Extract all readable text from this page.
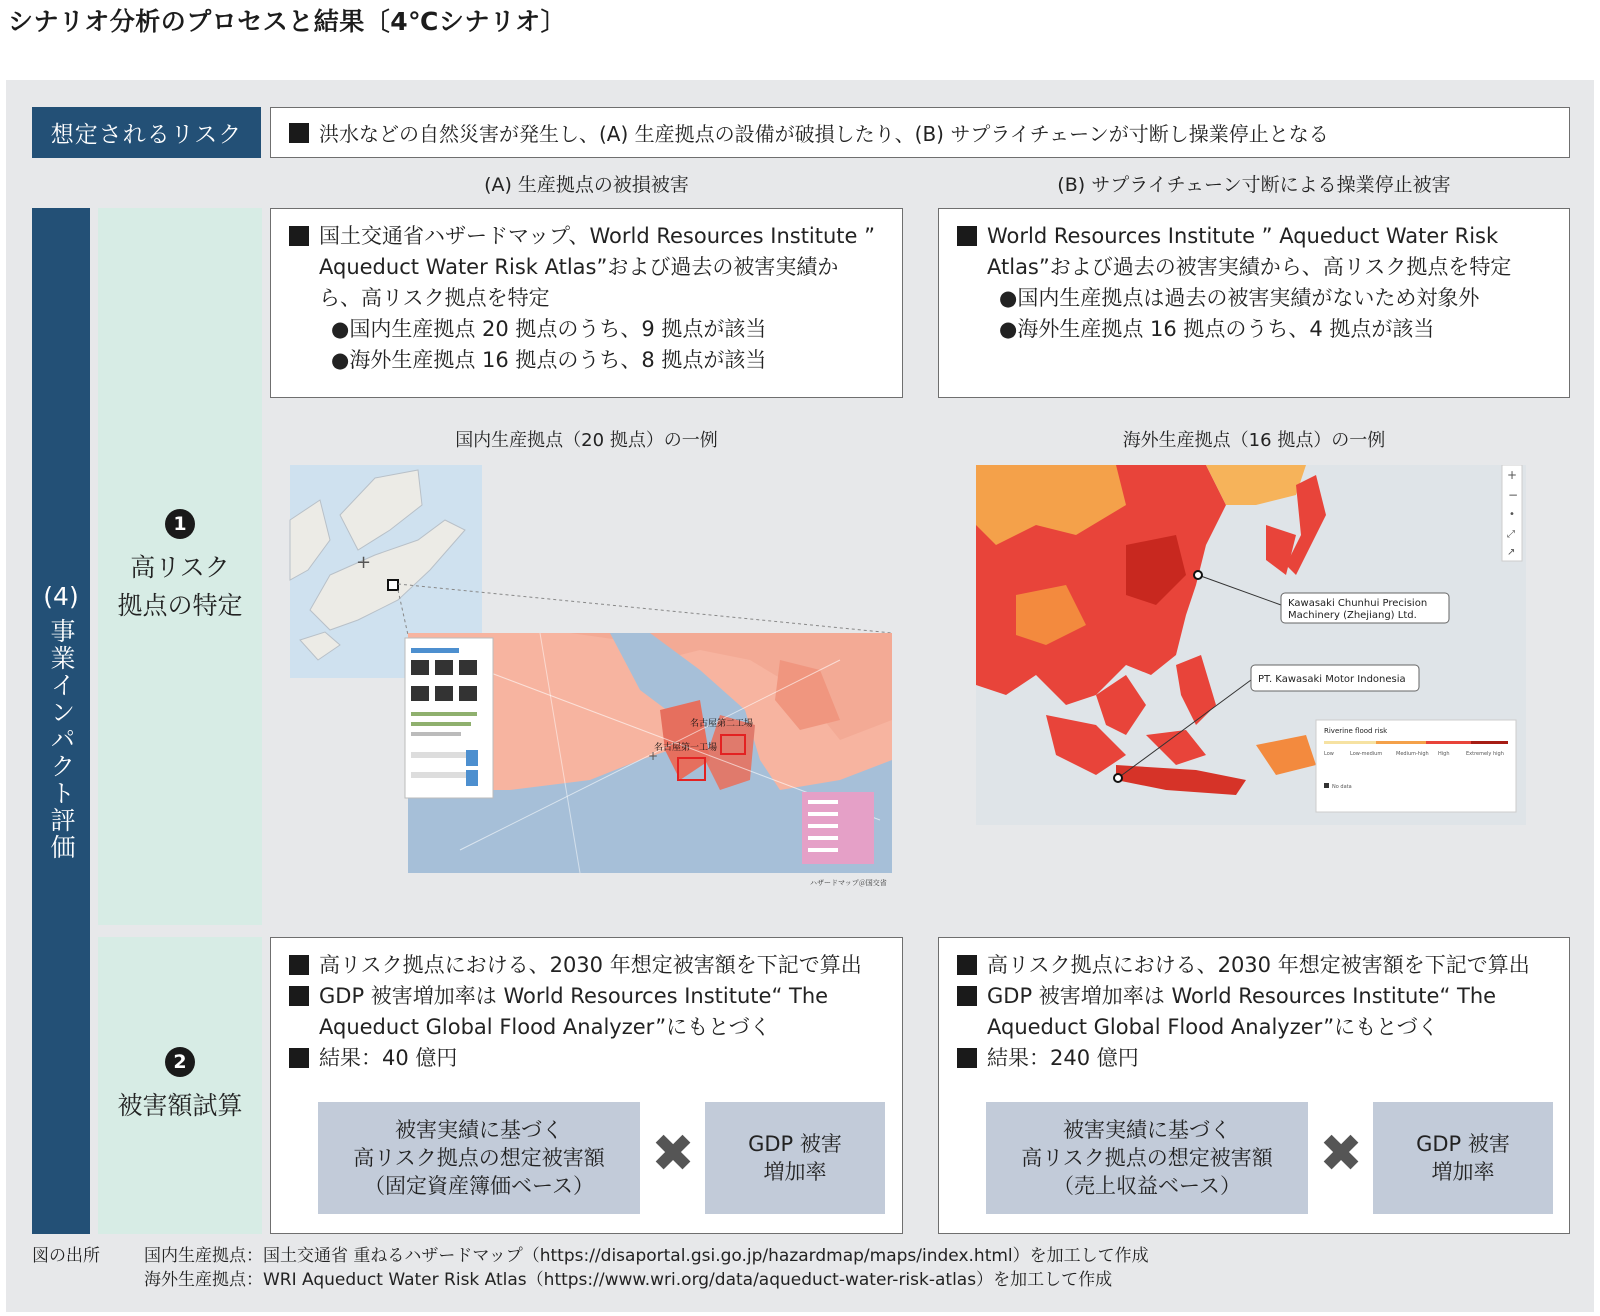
シナリオ分析のプロセスと結果〔4℃シナリオ〕
想定されるリスク	洪水などの自然災害が発生し、(A) 生産拠点の設備が破損したり、(B) サプライチェーンが寸断し操業停止となる
(A) 生産拠点の被損被害	(B) サプライチェーン寸断による操業停止被害
(4)
事業インパクト評価
1
高リスク
拠点の特定
2
被害額試算
国土交通省ハザードマップ、World Resources Institute ”
Aqueduct Water Risk Atlas”および過去の被害実績か
ら、高リスク拠点を特定
●国内生産拠点 20 拠点のうち、9 拠点が該当
●海外生産拠点 16 拠点のうち、8 拠点が該当
World Resources Institute ” Aqueduct Water Risk
Atlas”および過去の被害実績から、高リスク拠点を特定
●国内生産拠点は過去の被害実績がないため対象外
●海外生産拠点 16 拠点のうち、4 拠点が該当
国内生産拠点（20 拠点）の一例	海外生産拠点（16 拠点）の一例
+
名古屋第二工場
名古屋第一工場
+
ハザードマップ＠国交省
Kawasaki Chunhui Precision
Machinery (Zhejiang) Ltd.
PT. Kawasaki Motor Indonesia
+
−
•
⤢
↗
Riverine flood risk
Low	Low-medium	Medium-high High	Extremely high
No data
高リスク拠点における、2030 年想定被害額を下記で算出
GDP 被害増加率は World Resources Institute“ The
Aqueduct Global Flood Analyzer”にもとづく
結果：40 億円
被害実績に基づく
高リスク拠点の想定被害額
（固定資産簿価ベース）
✖	GDP 被害
増加率
高リスク拠点における、2030 年想定被害額を下記で算出
GDP 被害増加率は World Resources Institute“ The
Aqueduct Global Flood Analyzer”にもとづく
結果：240 億円
被害実績に基づく
高リスク拠点の想定被害額
（売上収益ベース）
✖	GDP 被害
増加率
図の出所	国内生産拠点：国土交通省 重ねるハザードマップ（https://disaportal.gsi.go.jp/hazardmap/maps/index.html）を加工して作成
海外生産拠点：WRI Aqueduct Water Risk Atlas（https://www.wri.org/data/aqueduct-water-risk-atlas）を加工して作成
